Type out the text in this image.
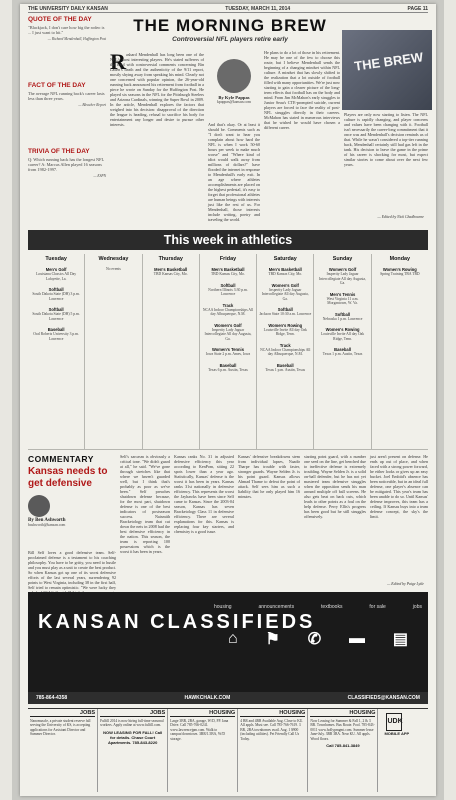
THE UNIVERSITY DAILY KANSAN	TUESDAY, MARCH 11, 2014	PAGE 11
QUOTE OF THE DAY
"Blackjack, I don't care how big the rodeo is ... I just want to hit."
— Richard Mendenhall, Huffington Post
FACT OF THE DAY
The average NFL running back's career lasts less than three years.
— Bleacher Report
TRIVIA OF THE DAY
Q: Which running back has the longest NFL career? A: Marcus Allen played 16 seasons from 1982-1997.
— ESPN
THE MORNING BREW
Controversial NFL players retire early
R ashard Mendenhall has long been one of the NFL's most interesting players. He's stated sufferers of the field with controversial comments concerning Bin Laden's death and the authenticity of the 9/11 report, mostly shying away from speaking his mind. Clearly not one concerned with popular opinion, the 26-year-old running back announced his retirement from football in a piece he wrote on Sunday for the Huffington Post. He played six seasons in the NFL for the Pittsburgh Steelers and Arizona Cardinals, winning the Super Bowl in 2009. In the article, Mendenhall explores the factors that weighed into his decision: disapproval of the direction the league is heading, refusal to sacrifice his body for entertainment any longer and desire to pursue other interests.
By Kyle Pappas
kpappas@kansan.com
And that's okay. Or at least it should be. Comments such as "I don't want to hear you complain about how hard the NFL is when I work 50-60 hours per week to make much worse" and "Where kind of idiot would walk away from millions of dollars?" have flooded the internet in response to Mendenhall's early exit. In an age where athletes accomplishments are placed on the highest pedestal, it's easy to forget that professional athletes are human beings with interests just like the rest of us. For Mendenhall, those interests include writing, poetry and traveling the world.
He plans to do a lot of those in his retirement. He may be one of the few to choose this route, but I believe Mendenhall sends the beginning of a changing mindset within NFL culture. A mindset that has slowly shifted to the realization that a lot outside of football filled with many opportunities. We're just now starting to gain a clearer picture of the long-term effects that football has on the body and mind. From Jim McMahon's early struggles to Junior Seau's CTE-prompted suicide, current players are forced to face the reality of post-NFL struggles directly in their careers. McMahon has stated in numerous interviews that he wished he would have chosen a different career.
THE BREW
Players are only now starting to listen. The NFL culture is rapidly changing, and player concerns and values have been changing with it. Football isn't necessarily the career-long commitment that it once was and Mendenhall's decision reminds us of that. While he wasn't considered a top-tier running back, Mendenhall certainly still had gas left in the tank. His decision to leave the game in the prime of his career is shocking for most, but expect similar stories to come about over the next few years.
— Edited by Nick Chadbourne
This week in athletics
Tuesday
Men's Golf
Louisiana Classics All Day Lafayette, La.
Softball
South Dakota State (DH) 3 p.m. Lawrence
Softball
South Dakota State (DH) 5 p.m. Lawrence
Baseball
Oral Roberts University 3 p.m. Lawrence
Wednesday
No events
Thursday
Men's Basketball
TBD Kansas City, Mo.
Friday
Men's Basketball
TBD Kansas City, Mo.
Softball
Northern Illinois 3:30 p.m. Lawrence
Track
NCAA Indoor Championships All day Albuquerque, N.M.
Women's Golf
Insperity Lady Jaguar Intercollegiate All day Augusta, Ga.
Women's Tennis
Iowa State 2 p.m. Ames, Iowa
Baseball
Texas 6 p.m. Austin, Texas
Saturday
Men's Basketball
TBD Kansas City, Mo.
Women's Golf
Insperity Lady Jaguar Intercollegiate All day Augusta, Ga.
Softball
Jackson State 10:30 a.m. Lawrence
Women's Rowing
Louisville Invite All day Oak Ridge, Tenn.
Track
NCAA Indoor Championships All day Albuquerque, N.M.
Baseball
Texas 1 p.m. Austin, Texas
Sunday
Women's Golf
Insperity Lady Jaguar Intercollegiate All day Augusta, Ga.
Men's Tennis
West Virginia 11 a.m. Morgantown, W. Va.
Softball
Nebraska 1 p.m. Lawrence
Women's Rowing
Louisville Invite All day Oak Ridge, Tenn.
Baseball
Texas 1 p.m. Austin, Texas
Monday
Women's Rowing
Spring Training TBA TBD
COMMENTARY
Kansas needs to get defensive
By Ben Ashworth
bashworth@kansan.com
Bill Self loves a good defensive team. Self-proclaimed defense is a testament to his coaching philosophy. You have to be gritty, you need to hustle and you must play as a unit to create the best product. So when Kansas got up one of its worst defensive efforts of the last several years, surrendering 92 points to West Virginia, including 38 in the first half, Self tried to remain optimistic. "We were lucky they
Self's sarcasm is obviously a critical tone. "We didn't guard at all," he said. "We've gone through stretches like that where we haven't guarded well, but I think that's probably as poor as we've been." Self preaches shutdown defense because, for the most part, shutdown defense is one of the best indicators of postseason success. Naismith Bracketology team that cut down the nets in 2008 had the best defensive efficiency in the nation. This season, the team is reporting 100 possessions which is the worst it has been in years.
Kansas ranks No. 31 in adjusted defensive efficiency this year according to KenPom, sitting 22 spots lower than a year ago. Statistically, Kansas' defense is the worst it has been in years. Kansas ranks 31st nationally in defensive efficiency. This represents the worst the Jayhawks have been since Self came to Kansas. Since the 2003-04 season, Kansas has seven Bracketology Class 11 in defensive efficiency. There are several explanations for this. Kansas is replacing four key starters, and chemistry is a good issue.
Kansas' defensive breakdowns stem from individual lapses, Naadir Tharpe has trouble with faster, stronger guards. Wayne Selden Jr. is his point guard. Kansas allows Ahmad Thame to defeat the point of attack. Self sees him as such a liability that he only played him 16 minutes.
starting point guard, with a number one seed on the line, get benched due to ineffective defense is extremely troubling. Wayne Selden Jr. is a solid on-ball defender, but he has not yet mastered team defensive struggles when the opposition sends his man around multiple off ball screens. He also gets beat on back cuts, which leads to other points as a foul on the help defense. Perry Ellis's progress has been good but he still struggles offensively.
just aren't present on defense. He ends up out of place, and when faced with a strong power forward, he either looks or gives up an easy bucket. Joel Embiid's absence has been noticeable, but in an ideal full defense, one player's absence can be mitigated. This year's team has been unable to do so. Until Kansas' defense improves, this team has a ceiling. If Kansas buys into a team defense concept, the sky's the limit.
— Edited by Paige Lytle
KANSAN CLASSIFIEDS
housing	announcements	textbooks	for sale	jobs
⌂ ⚑ ✆ ▬ ▤
785-864-4358	HAWKCHALK.COM	CLASSIFIEDS@KANSAN.COM
JOBS
Nanomuscle, a private student reserve fall serving the University of KS, is accepting applications for Assistant Director and Summer Director.
JOBS
Fulfill 2014 is now hiring full-time seasonal workers. Apply online at www.fulfill.com.
NOW LEASING FOR FALL! Call for details. Chase Court Apartments. 785-843-8220
HOUSING
Large 3BR, 2BA, garage, W/D, FP. Jana Drive. Call 785-766-0241. www.lawrencejpm.com. Walk to campus/downtown. 3BR/1.5BA, W/D storage.
HOUSING
4 BR and 4BR Available Aug. Close to KU. All appls. Must see. Call 785-766-7619. 3 BR, 2BA townhomes avail. Aug. 1 $900 (including utilities). Pet Friendly Call Us Today.
HOUSING
Now Leasing for Summer & Fall 1, 2 & 3 BR. Townhomes. Bus Route. Pool. 785-843-0011 www.hollypmgmt.com. Summer lease June-July. 3BR 3BA. Near KU. All appls. Wood floors.
Call 785-841-3849
UDK
MOBILE APP
